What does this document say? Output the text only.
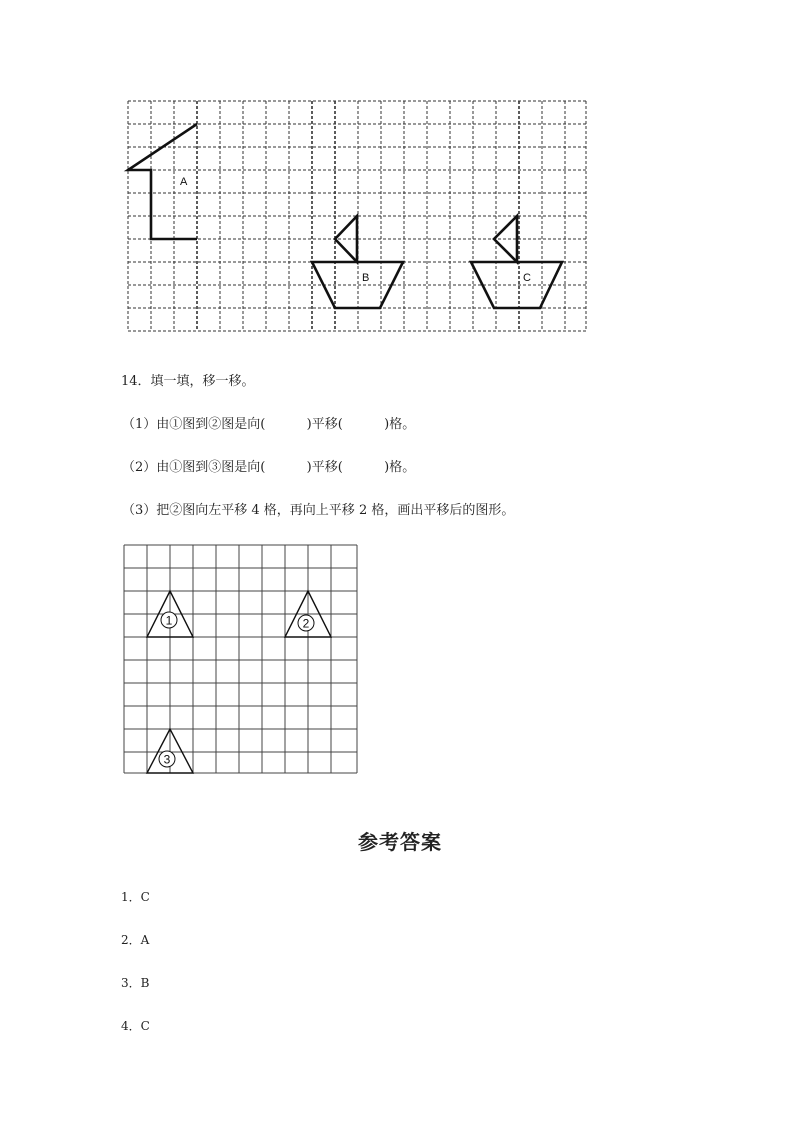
A
B	C
14．填一填，移一移。
（1）由①图到②图是向(          )平移(          )格。
（2）由①图到③图是向(          )平移(          )格。
（3）把②图向左平移 4 格，再向上平移 2 格，画出平移后的图形。
1	2
3
参考答案
1．C
2．A
3．B
4．C
